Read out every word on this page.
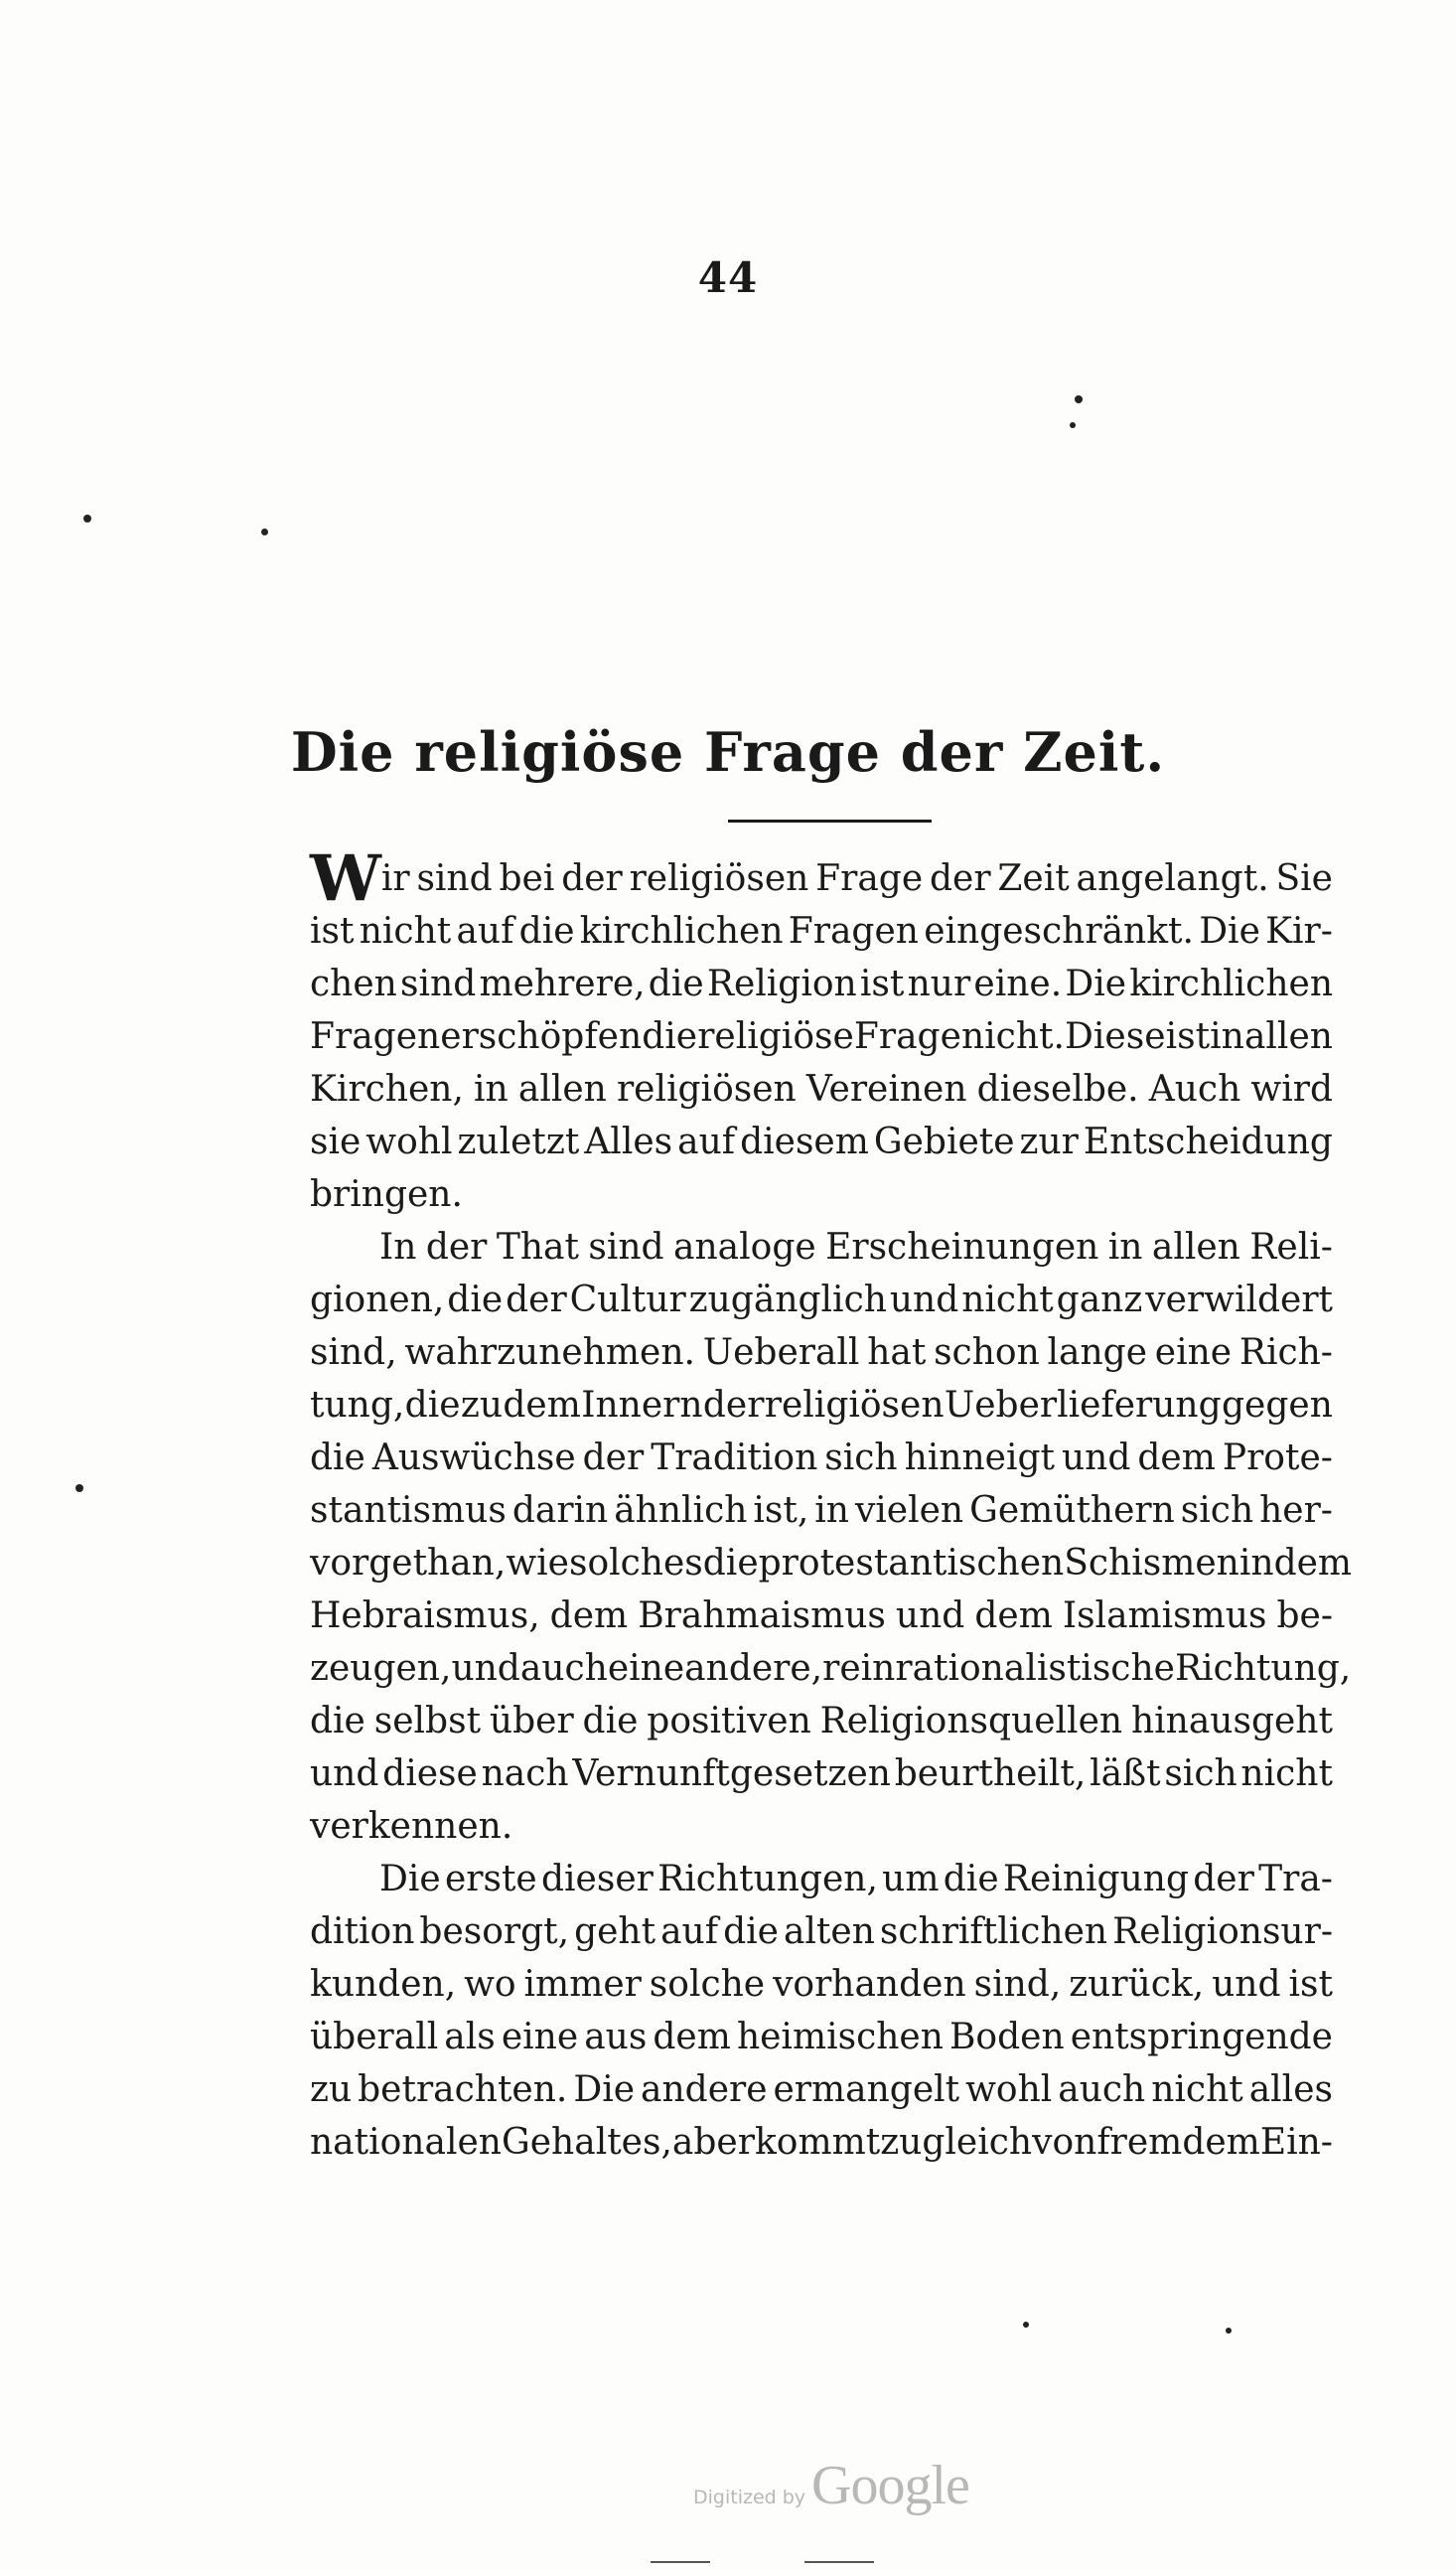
44
Die religiöse Frage der Zeit.
Wir sind bei der religiösen Frage der Zeit angelangt. Sie
ist nicht auf die kirchlichen Fragen eingeschränkt. Die Kir-
chen sind mehrere, die Religion ist nur eine. Die kirchlichen
Fragen erschöpfen die religiöse Frage nicht. Diese ist in allen
Kirchen, in allen religiösen Vereinen dieselbe. Auch wird
sie wohl zuletzt Alles auf diesem Gebiete zur Entscheidung
bringen.
In der That sind analoge Erscheinungen in allen Reli-
gionen, die der Cultur zugänglich und nicht ganz verwildert
sind, wahrzunehmen. Ueberall hat schon lange eine Rich-
tung, die zu dem Innern der religiösen Ueberlieferung gegen
die Auswüchse der Tradition sich hinneigt und dem Prote-
stantismus darin ähnlich ist, in vielen Gemüthern sich her-
vorgethan, wie solches die protestantischen Schismen in dem
Hebraismus, dem Brahmaismus und dem Islamismus be-
zeugen, und auch eine andere, rein rationalistische Richtung,
die selbst über die positiven Religionsquellen hinausgeht
und diese nach Vernunftgesetzen beurtheilt, läßt sich nicht
verkennen.
Die erste dieser Richtungen, um die Reinigung der Tra-
dition besorgt, geht auf die alten schriftlichen Religionsur-
kunden, wo immer solche vorhanden sind, zurück, und ist
überall als eine aus dem heimischen Boden entspringende
zu betrachten. Die andere ermangelt wohl auch nicht alles
nationalen Gehaltes, aber kommt zugleich von fremdem Ein-
Digitized by Google
